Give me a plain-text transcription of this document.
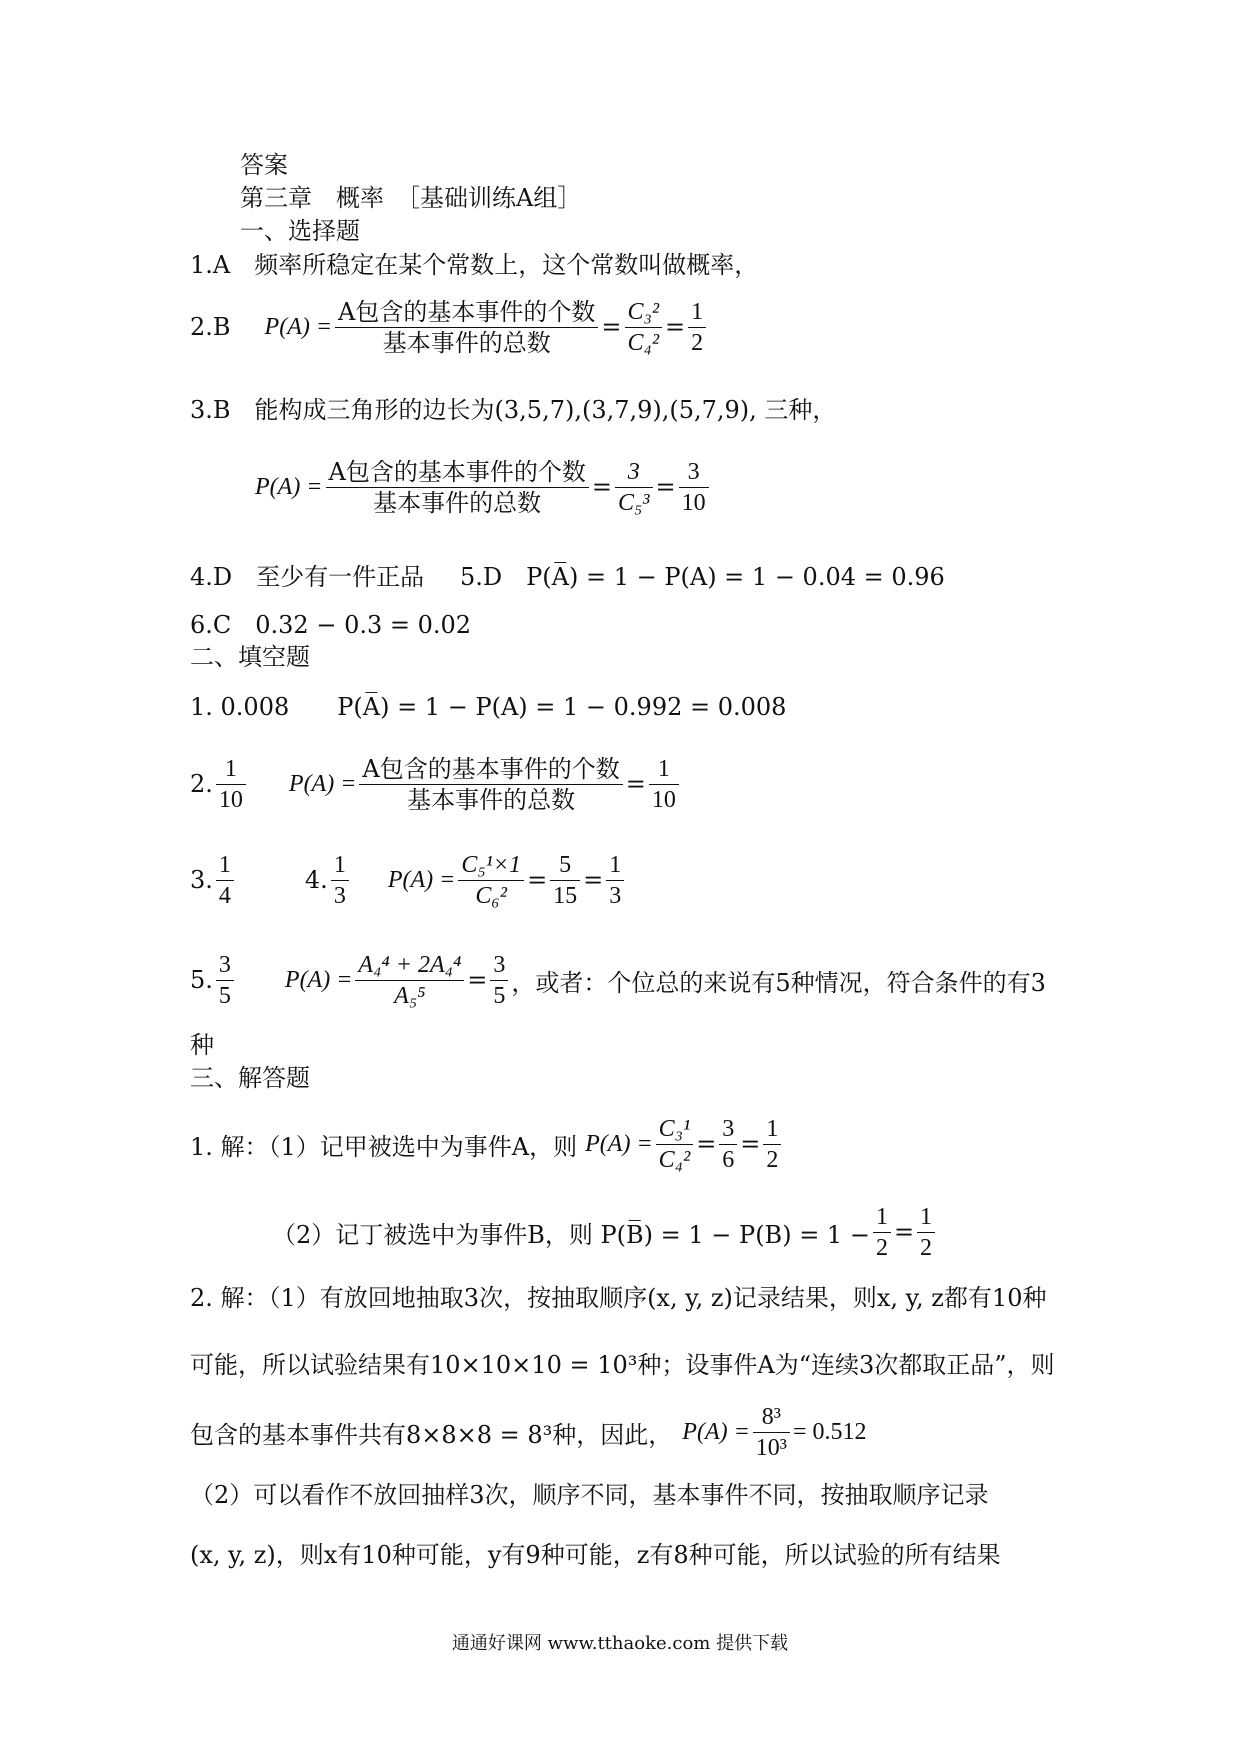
答案
第三章　概率　［基础训练A组］
一、选择题
1.A　频率所稳定在某个常数上，这个常数叫做概率，
2.B $P(A) = \frac{\text{A包含的基本事件的个数}}{\text{基本事件的总数}} = \frac{\text{C₃²}}{\text{C₄²}} = \frac{1}{2}$
3.B　能构成三角形的边长为(3,5,7),(3,7,9),(5,7,9), 三种，
$P(A) = \frac{\text{A包含的基本事件的个数}}{\text{基本事件的总数}} = \frac{3}{\text{C₅³}} = \frac{3}{10}$
4.D　至少有一件正品 5.D　P(A̅) = 1 − P(A) = 1 − 0.04 = 0.96
6.C　0.32 − 0.3 = 0.02
二、填空题
1. 0.008　　P(A̅) = 1 − P(A) = 1 − 0.992 = 0.008
2. $\frac{1}{10} P(A) = \frac{\text{A包含的基本事件的个数}}{\text{基本事件的总数}} = \frac{1}{10}$
3. $\frac{1}{4}$	4. $\frac{1}{3} P(A) = \frac{\text{C₅¹×1}}{\text{C₆²}} = \frac{5}{15} = \frac{1}{3}$
5. $\frac{3}{5} P(A) = \frac{\text{A₄⁴ + 2A₄⁴}}{\text{A₅⁵}} = \frac{3}{5}$ ，或者：个位总的来说有5种情况，符合条件的有3
种
三、解答题
1. 解：（1）记甲被选中为事件A，则 $P(A) = \frac{\text{C₃¹}}{\text{C₄²}} = \frac{3}{6} = \frac{1}{2}$
（2）记丁被选中为事件B，则 P(B̅) = $1 - P(B) = 1 - \frac{1}{2} = \frac{1}{2}$
2. 解：（1）有放回地抽取3次，按抽取顺序(x, y, z)记录结果，则x, y, z都有10种
可能，所以试验结果有10×10×10 = 10³种；设事件A为“连续3次都取正品”，则
包含的基本事件共有8×8×8 = 8³种，因此， $P(A) = \frac{\text{8³}}{\text{10³}} = 0.512$
（2）可以看作不放回抽样3次，顺序不同，基本事件不同，按抽取顺序记录
(x, y, z)，则x有10种可能，y有9种可能，z有8种可能，所以试验的所有结果
通通好课网 www.tthaoke.com 提供下载
